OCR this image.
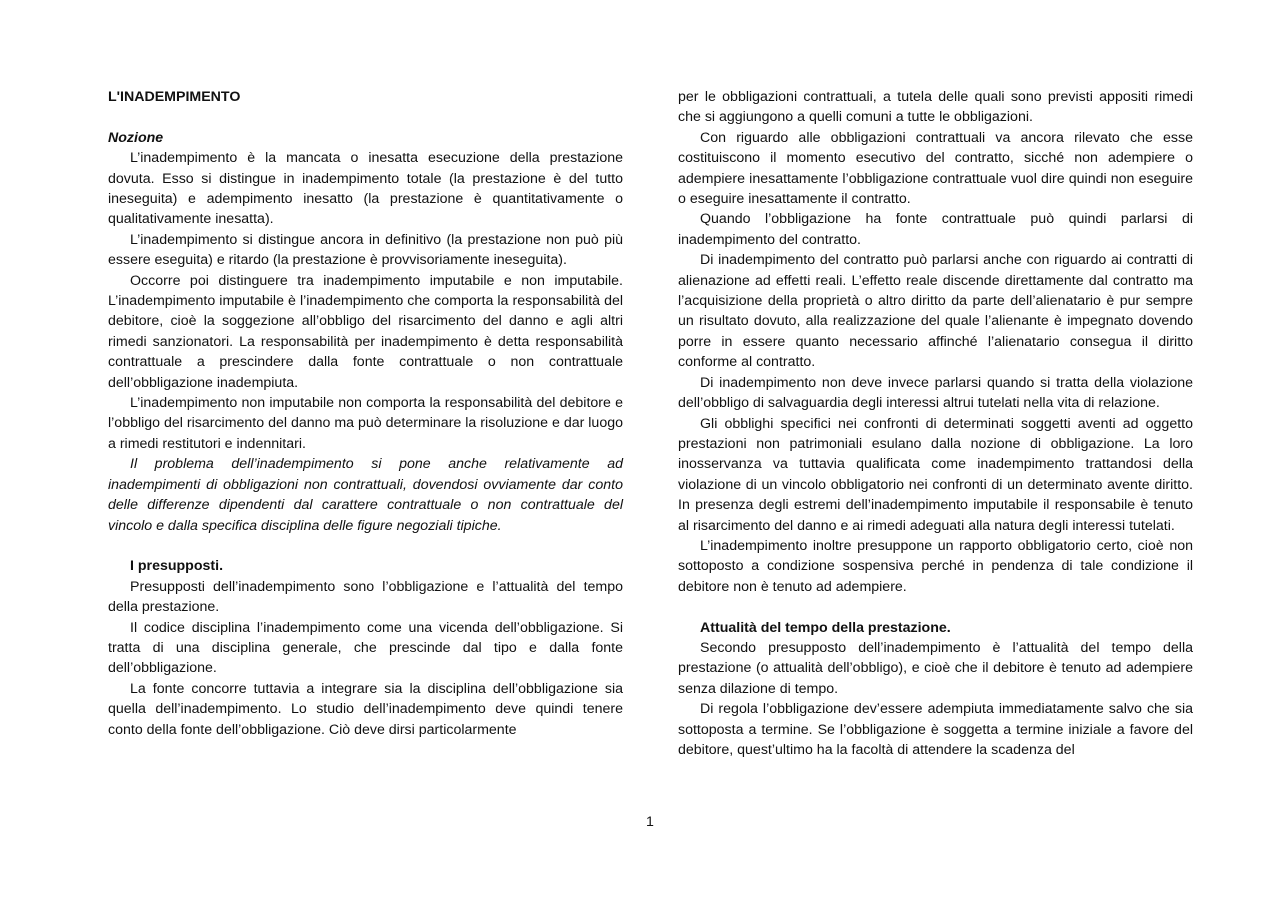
L'INADEMPIMENTO

Nozione

L’inadempimento è la mancata o inesatta esecuzione della prestazione dovuta. Esso si distingue in inadempimento totale (la prestazione è del tutto ineseguita) e adempimento inesatto (la prestazione è quantitativamente o qualitativamente inesatta).

L’inadempimento si distingue ancora in definitivo (la prestazione non può più essere eseguita) e ritardo (la prestazione è provvisoriamente ineseguita).

Occorre poi distinguere tra inadempimento imputabile e non imputabile. L’inadempimento imputabile è l’inadempimento che comporta la responsabilità del debitore, cioè la soggezione all’obbligo del risarcimento del danno e agli altri rimedi sanzionatori. La responsabilità per inadempimento è detta responsabilità contrattuale a prescindere dalla fonte contrattuale o non contrattuale dell’obbligazione inadempiuta.

L’inadempimento non imputabile non comporta la responsabilità del debitore e l’obbligo del risarcimento del danno ma può determinare la risoluzione e dar luogo a rimedi restitutori e indennitari.

Il problema dell’inadempimento si pone anche relativamente ad inadempimenti di obbligazioni non contrattuali, dovendosi ovviamente dar conto delle differenze dipendenti dal carattere contrattuale o non contrattuale del vincolo e dalla specifica disciplina delle figure negoziali tipiche.

I presupposti.

Presupposti dell’inadempimento sono l’obbligazione e l’attualità del tempo della prestazione.

Il codice disciplina l’inadempimento come una vicenda dell’obbligazione. Si tratta di una disciplina generale, che prescinde dal tipo e dalla fonte dell’obbligazione.

La fonte concorre tuttavia a integrare sia la disciplina dell’obbligazione sia quella dell’inadempimento. Lo studio dell’inadempimento deve quindi tenere conto della fonte dell’obbligazione. Ciò deve dirsi particolarmente

per le obbligazioni contrattuali, a tutela delle quali sono previsti appositi rimedi che si aggiungono a quelli comuni a tutte le obbligazioni.

Con riguardo alle obbligazioni contrattuali va ancora rilevato che esse costituiscono il momento esecutivo del contratto, sicché non adempiere o adempiere inesattamente l’obbligazione contrattuale vuol dire quindi non eseguire o eseguire inesattamente il contratto.

Quando l’obbligazione ha fonte contrattuale può quindi parlarsi di inadempimento del contratto.

Di inadempimento del contratto può parlarsi anche con riguardo ai contratti di alienazione ad effetti reali. L’effetto reale discende direttamente dal contratto ma l’acquisizione della proprietà o altro diritto da parte dell’alienatario è pur sempre un risultato dovuto, alla realizzazione del quale l’alienante è impegnato dovendo porre in essere quanto necessario affinché l’alienatario consegua il diritto conforme al contratto.

Di inadempimento non deve invece parlarsi quando si tratta della violazione dell’obbligo di salvaguardia degli interessi altrui tutelati nella vita di relazione.

Gli obblighi specifici nei confronti di determinati soggetti aventi ad oggetto prestazioni non patrimoniali esulano dalla nozione di obbligazione. La loro inosservanza va tuttavia qualificata come inadempimento trattandosi della violazione di un vincolo obbligatorio nei confronti di un determinato avente diritto. In presenza degli estremi dell’inadempimento imputabile il responsabile è tenuto al risarcimento del danno e ai rimedi adeguati alla natura degli interessi tutelati.

L’inadempimento inoltre presuppone un rapporto obbligatorio certo, cioè non sottoposto a condizione sospensiva perché in pendenza di tale condizione il debitore non è tenuto ad adempiere.

Attualità del tempo della prestazione.

Secondo presupposto dell’inadempimento è l’attualità del tempo della prestazione (o attualità dell’obbligo), e cioè che il debitore è tenuto ad adempiere senza dilazione di tempo.

Di regola l’obbligazione dev’essere adempiuta immediatamente salvo che sia sottoposta a termine. Se l’obbligazione è soggetta a termine iniziale a favore del debitore, quest’ultimo ha la facoltà di attendere la scadenza del

1
